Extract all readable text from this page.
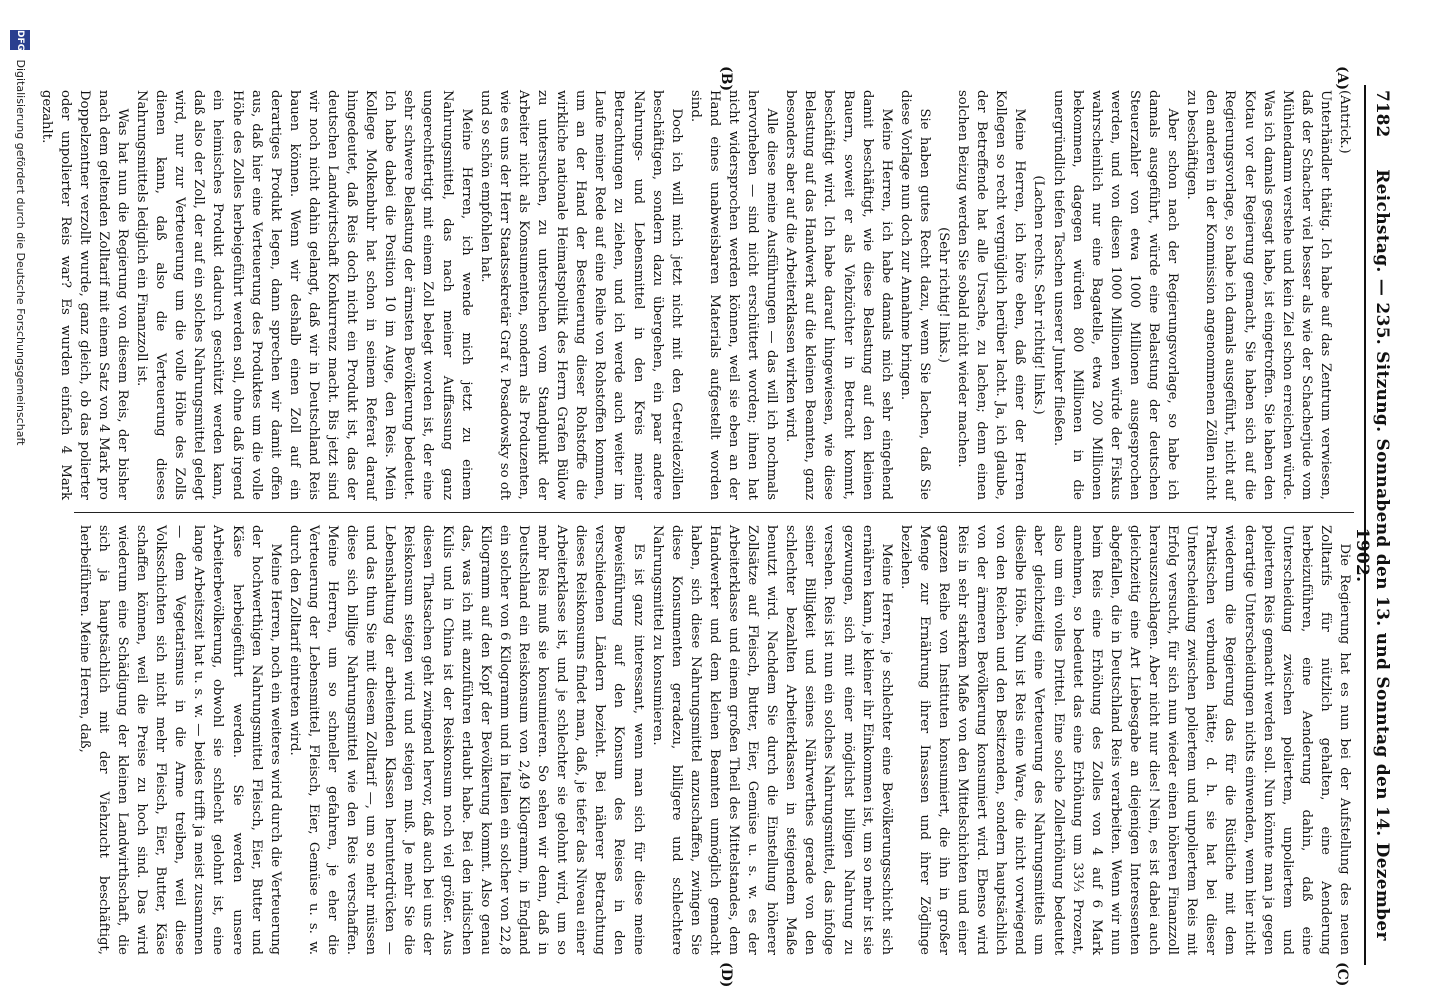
7182
Reichstag. — 235. Sitzung. Sonnabend den 13. und Sonntag den 14. Dezember 1902.
(A)
(B)
(C)
(D)

(Antrick.)

Unterhändler thätig. Ich habe auf das Zentrum verwiesen, daß der Schacher viel besser als wie der Schacherjude vom Mühlendamm verstehe und kein Ziel schon erreichen würde. Was ich damals gesagt habe, ist eingetroffen. Sie haben den Kotau vor der Regierung gemacht, Sie haben sich auf die Regierungsvorlage, so habe ich damals ausgeführt, nicht auf den anderen in der Kommission angenommenen Zöllen nicht zu beschäftigen.

Aber schon nach der Regierungsvorlage, so habe ich damals ausgeführt, würde eine Belastung der deutschen Steuerzahler von etwa 1000 Millionen ausgesprochen werden, und von diesen 1000 Millionen würde der Fiskus wahrscheinlich nur eine Bagatelle, etwa 200 Millionen bekommen, dagegen würden 800 Millionen in die unergründlich tiefen Taschen unserer Junker fließen.

(Lachen rechts. Sehr richtig! links.)

Meine Herren, ich höre eben, daß einer der Herren Kollegen so recht vergnüglich herüber lacht. Ja, ich glaube, der Betreffende hat alle Ursache, zu lachen; denn einen solchen Beizug werden Sie sobald nicht wieder machen.

(Sehr richtig! links.)

Sie haben gutes Recht dazu, wenn Sie lachen, daß Sie diese Vorlage nun doch zur Annahme bringen.

Meine Herren, ich habe damals mich sehr eingehend damit beschäftigt, wie diese Belastung auf den kleinen Bauern, soweit er als Viehzüchter in Betracht kommt, beschäftigt wird. Ich habe darauf hingewiesen, wie diese Belastung auf das Handwerk auf die kleinen Beamten, ganz besonders aber auf die Arbeiterklassen wirken wird.

Alle diese meine Ausführungen — das will ich nochmals hervorheben — sind nicht erschüttert worden; ihnen hat nicht widersprochen werden können, weil sie eben an der Hand eines unabweisbaren Materials aufgestellt worden sind.

Doch ich will mich jetzt nicht mit den Getreidezöllen beschäftigen, sondern dazu übergehen, ein paar andere Nahrungs- und Lebensmittel in den Kreis meiner Betrachtungen zu ziehen, und ich werde auch weiter im Laufe meiner Rede auf eine Reihe von Rohstoffen kommen, um an der Hand der Besteuerung dieser Rohstoffe die wirkliche nationale Heimatspolitik des Herrn Grafen Bülow zu untersuchen, zu untersuchen vom Standpunkt der Arbeiter nicht als Konsumenten, sondern als Produzenten, wie es uns der Herr Staatssekretär Graf v. Posadowsky so oft und so schön empfohlen hat.

Meine Herren, ich wende mich jetzt zu einem Nahrungsmittel, das nach meiner Auffassung ganz ungerechtfertigt mit einem Zoll belegt worden ist, der eine sehr schwere Belastung der ärmsten Bevölkerung bedeutet. Ich habe dabei die Position 10 im Auge, den Reis. Mein Kollege Molkenbuhr hat schon in seinem Referat darauf hingedeutet, daß Reis doch nicht ein Produkt ist, das der deutschen Landwirtschaft Konkurrenz macht. Bis jetzt sind wir noch nicht dahin gelangt, daß wir in Deutschland Reis bauen können. Wenn wir deshalb einen Zoll auf ein derartiges Produkt legen, dann sprechen wir damit offen aus, daß hier eine Verteuerung des Produktes um die volle Höhe des Zolles herbeigeführt werden soll, ohne daß irgend ein heimisches Produkt dadurch geschützt werden kann, daß also der Zoll, der auf ein solches Nahrungsmittel gelegt wird, nur zur Verteuerung um die volle Höhe des Zolls dienen kann, daß also die Verteuerung dieses Nahrungsmittels lediglich ein Finanzzoll ist.

Was hat nun die Regierung von diesem Reis, der bisher nach dem geltenden Zolltarif mit einem Satz von 4 Mark pro Doppelzentner verzollt wurde, ganz gleich, ob das polierter oder unpolierter Reis war? Es wurden einfach 4 Mark gezahlt.

Die Regierung hat es nun bei der Aufstellung des neuen Zolltarifs für nützlich gehalten, eine Aenderung herbeizuführen, eine Aenderung dahin, daß eine Unterscheidung zwischen poliertem, unpoliertem und poliertem Reis gemacht werden soll. Nun könnte man ja gegen derartige Unterscheidungen nichts einwenden, wenn hier nicht wiederum die Regierung das für die Rüstliche mit dem Praktischen verbunden hätte; d. h. sie hat bei dieser Unterscheidung zwischen poliertem und unpoliertem Reis mit Erfolg versucht, für sich nun wieder einen höheren Finanzzoll herauszuschlagen. Aber nicht nur dies! Nein, es ist dabei auch gleichzeitig eine Art Liebesgabe an diejenigen Interessenten abgefallen, die in Deutschland Reis verarbeiten. Wenn wir nun beim Reis eine Erhöhung des Zolles von 4 auf 6 Mark annehmen, so bedeutet das eine Erhöhung um 33⅓ Prozent, also um ein volles Drittel. Eine solche Zollerhöhung bedeutet aber gleichzeitig eine Verteuerung des Nahrungsmittels um dieselbe Höhe. Nun ist Reis eine Ware, die nicht vorwiegend von den Reichen und den Besitzenden, sondern hauptsächlich von der ärmeren Bevölkerung konsumiert wird. Ebenso wird Reis in sehr starkem Maße von den Mittelschichten und einer ganzen Reihe von Instituten konsumiert, die ihn in großer Menge zur Ernährung ihrer Insassen und ihrer Zöglinge beziehen.

Meine Herren, je schlechter eine Bevölkerungsschicht sich ernähren kann, je kleiner ihr Einkommen ist, um so mehr ist sie gezwungen, sich mit einer möglichst billigen Nahrung zu versehen. Reis ist nun ein solches Nahrungsmittel, das infolge seiner Billigkeit und seines Nährwerthes gerade von den schlechter bezahlten Arbeiterklassen in steigendem Maße benutzt wird. Nachdem Sie durch die Einstellung höherer Zollsätze auf Fleisch, Butter, Eier, Gemüse u. s. w. es der Arbeiterklasse und einem großen Theil des Mittelstandes, dem Handwerker und dem kleinen Beamten unmöglich gemacht haben, sich diese Nahrungsmittel anzuschaffen, zwingen Sie diese Konsumenten geradezu, billigere und schlechtere Nahrungsmittel zu konsumieren.

Es ist ganz interessant, wenn man sich für diese meine Beweisführung auf den Konsum des Reises in den verschiedenen Ländern bezieht. Bei näherer Betrachtung dieses Reiskonsums findet man, daß, je tiefer das Niveau einer Arbeiterklasse ist, und je schlechter sie gelohnt wird, um so mehr Reis muß sie konsumieren. So sehen wir denn, daß in Deutschland ein Reiskonsum von 2,49 Kilogramm, in England ein solcher von 6 Kilogramm und in Italien ein solcher von 22,8 Kilogramm auf den Kopf der Bevölkerung kommt. Also genau das, was ich mit anzuführen erlaubt habe. Bei den indischen Kulis und in China ist der Reiskonsum noch viel größer. Aus diesen Thatsachen geht zwingend hervor, daß auch bei uns der Reiskonsum steigen wird und steigen muß. Je mehr Sie die Lebenshaltung der arbeitenden Klassen herunterdrücken — und das thun Sie mit diesem Zolltarif —, um so mehr müssen diese sich billige Nahrungsmittel wie den Reis verschaffen. Meine Herren, um so schneller gefahren, je eher die Verteuerung der Lebensmittel, Fleisch, Eier, Gemüse u. s. w. durch den Zolltarif eintreten wird.

Meine Herren, noch ein weiteres wird durch die Verteuerung der hochwerthigen Nahrungsmittel Fleisch, Eier, Butter und Käse herbeigeführt werden. Sie werden unsere Arbeiterbevölkerung, obwohl sie schlecht gelohnt ist, eine lange Arbeitszeit hat u. s. w. — beides trifft ja meist zusammen — dem Vegetarismus in die Arme treiben, weil diese Volksschichten sich nicht mehr Fleisch, Eier, Butter, Käse schaffen können, weil die Preise zu hoch sind. Das wird wiederum eine Schädigung der kleinen Landwirthschaft, die sich ja hauptsächlich mit der Viehzucht beschäftigt, herbeiführen. Meine Herren, daß,

DFG Digitalisierung gefördert durch die Deutsche Forschungsgemeinschaft
